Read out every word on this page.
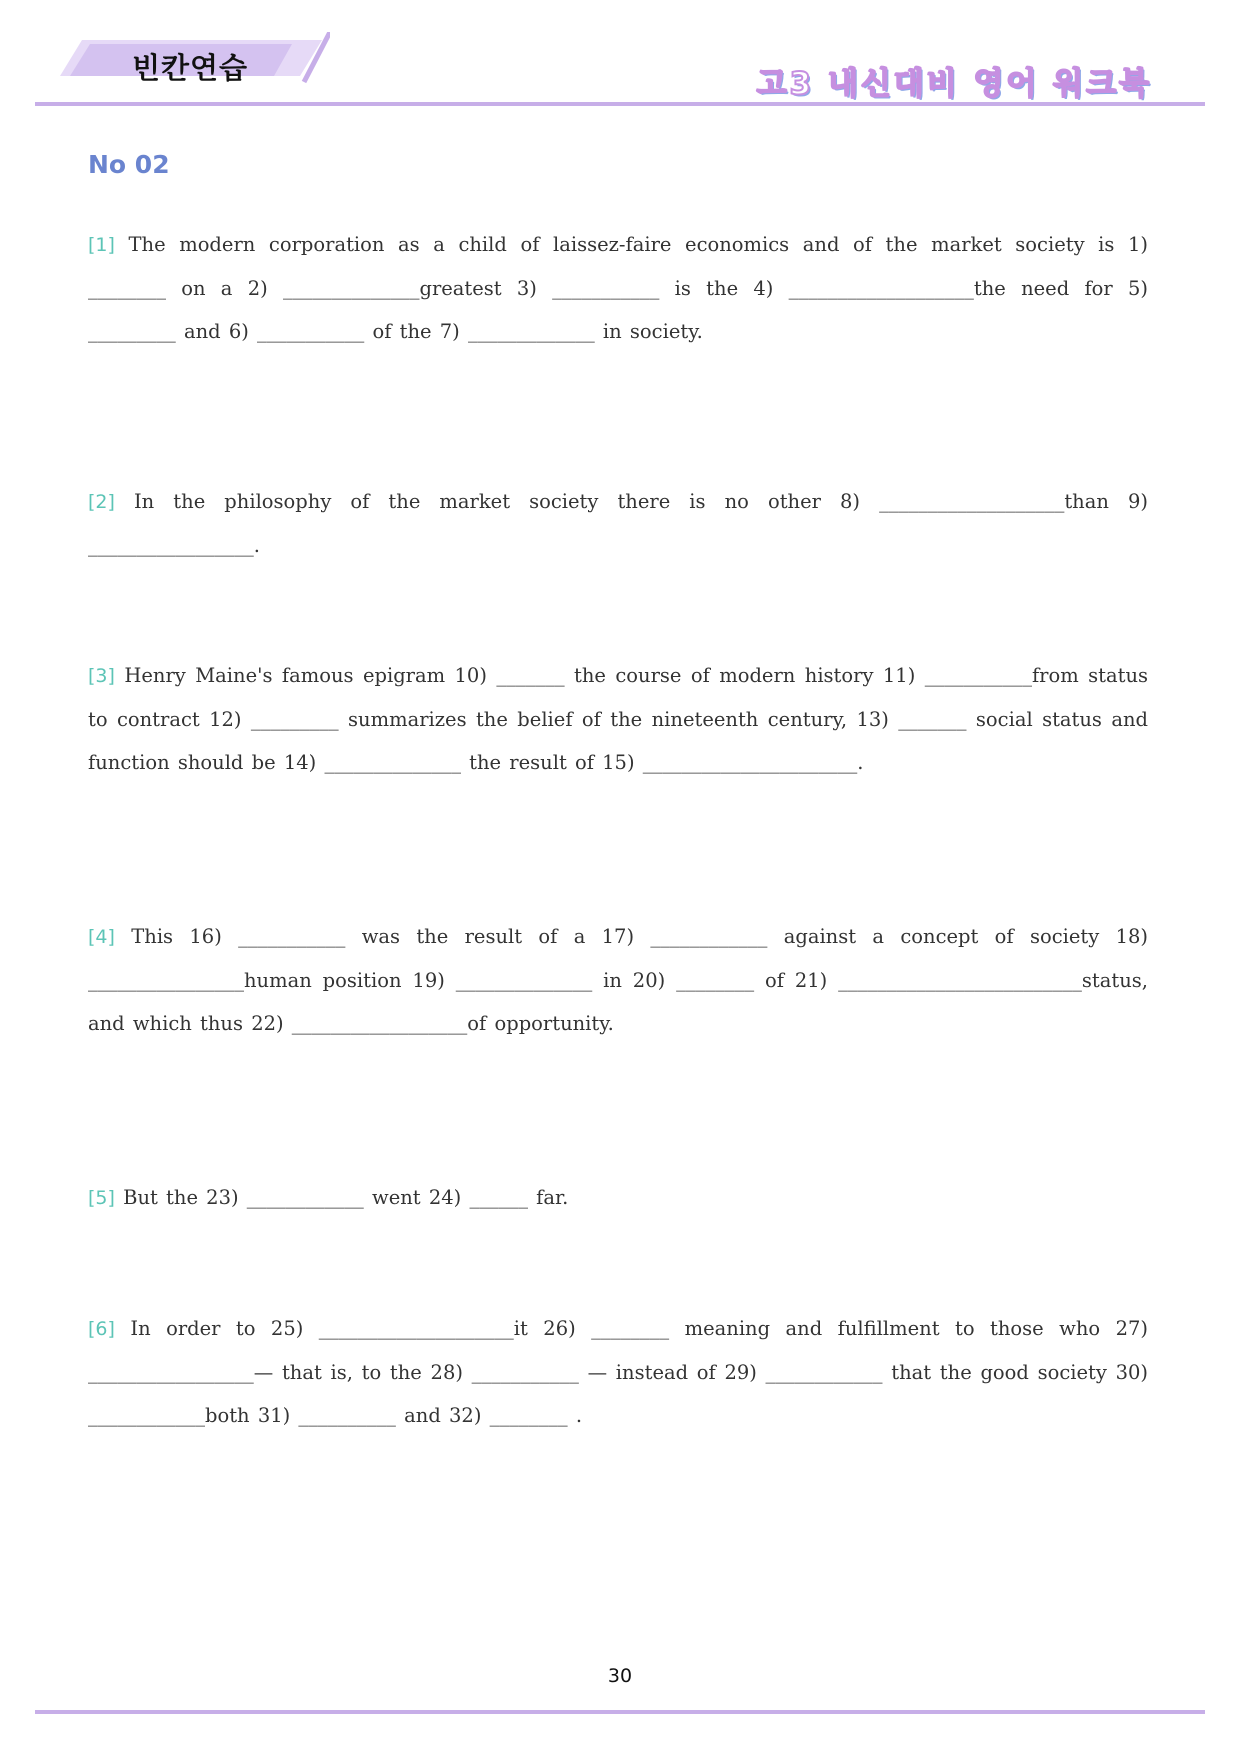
빈칸연습	고3 내신대비 영어 워크북
No 02
[1] The modern corporation as a child of laissez-faire economics and of the market society is 1) ________ on a 2) ______________greatest 3) ___________ is the 4) ___________________the need for 5) _________ and 6) ___________ of the 7) _____________ in society.
[2] In the philosophy of the market society there is no other 8) ___________________than 9) _________________.
[3] Henry Maine's famous epigram 10) _______ the course of modern history 11) ___________from status to contract 12) _________ summarizes the belief of the nineteenth century, 13) _______ social status and function should be 14) ______________ the result of 15) ______________________.
[4] This 16) ___________ was the result of a 17) ____________ against a concept of society 18) ________________human position 19) ______________ in 20) ________ of 21) _________________________status, and which thus 22) __________________of opportunity.
[5] But the 23) ____________ went 24) ______ far.
[6] In order to 25) ____________________it 26) ________ meaning and fulfillment to those who 27) _________________— that is, to the 28) ___________ — instead of 29) ____________ that the good society 30) ____________both 31) __________ and 32) ________ .
30
